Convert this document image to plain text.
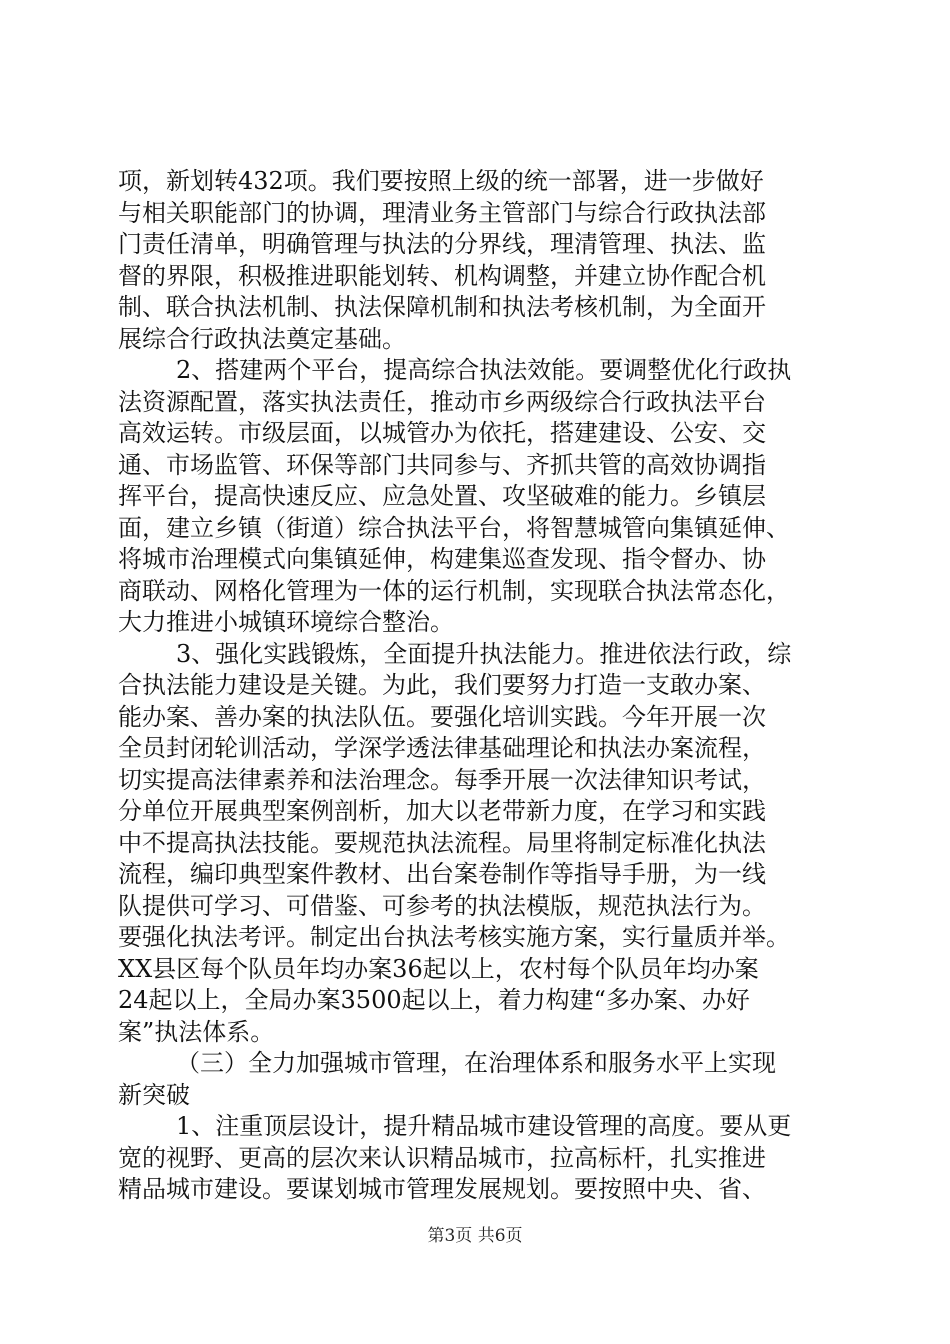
项，新划转432项。我们要按照上级的统一部署，进一步做好
与相关职能部门的协调，理清业务主管部门与综合行政执法部
门责任清单，明确管理与执法的分界线，理清管理、执法、监
督的界限，积极推进职能划转、机构调整，并建立协作配合机
制、联合执法机制、执法保障机制和执法考核机制，为全面开
展综合行政执法奠定基础。
2、搭建两个平台，提高综合执法效能。要调整优化行政执
法资源配置，落实执法责任，推动市乡两级综合行政执法平台
高效运转。市级层面，以城管办为依托，搭建建设、公安、交
通、市场监管、环保等部门共同参与、齐抓共管的高效协调指
挥平台，提高快速反应、应急处置、攻坚破难的能力。乡镇层
面，建立乡镇（街道）综合执法平台，将智慧城管向集镇延伸、
将城市治理模式向集镇延伸，构建集巡查发现、指令督办、协
商联动、网格化管理为一体的运行机制，实现联合执法常态化，
大力推进小城镇环境综合整治。
3、强化实践锻炼，全面提升执法能力。推进依法行政，综
合执法能力建设是关键。为此，我们要努力打造一支敢办案、
能办案、善办案的执法队伍。要强化培训实践。今年开展一次
全员封闭轮训活动，学深学透法律基础理论和执法办案流程，
切实提高法律素养和法治理念。每季开展一次法律知识考试，
分单位开展典型案例剖析，加大以老带新力度，在学习和实践
中不提高执法技能。要规范执法流程。局里将制定标准化执法
流程，编印典型案件教材、出台案卷制作等指导手册，为一线
队提供可学习、可借鉴、可参考的执法模版，规范执法行为。
要强化执法考评。制定出台执法考核实施方案，实行量质并举。
XX县区每个队员年均办案36起以上，农村每个队员年均办案
24起以上，全局办案3500起以上，着力构建“多办案、办好
案”执法体系。
（三）全力加强城市管理，在治理体系和服务水平上实现
新突破
1、注重顶层设计，提升精品城市建设管理的高度。要从更
宽的视野、更高的层次来认识精品城市，拉高标杆，扎实推进
精品城市建设。要谋划城市管理发展规划。要按照中央、省、
第3页 共6页
